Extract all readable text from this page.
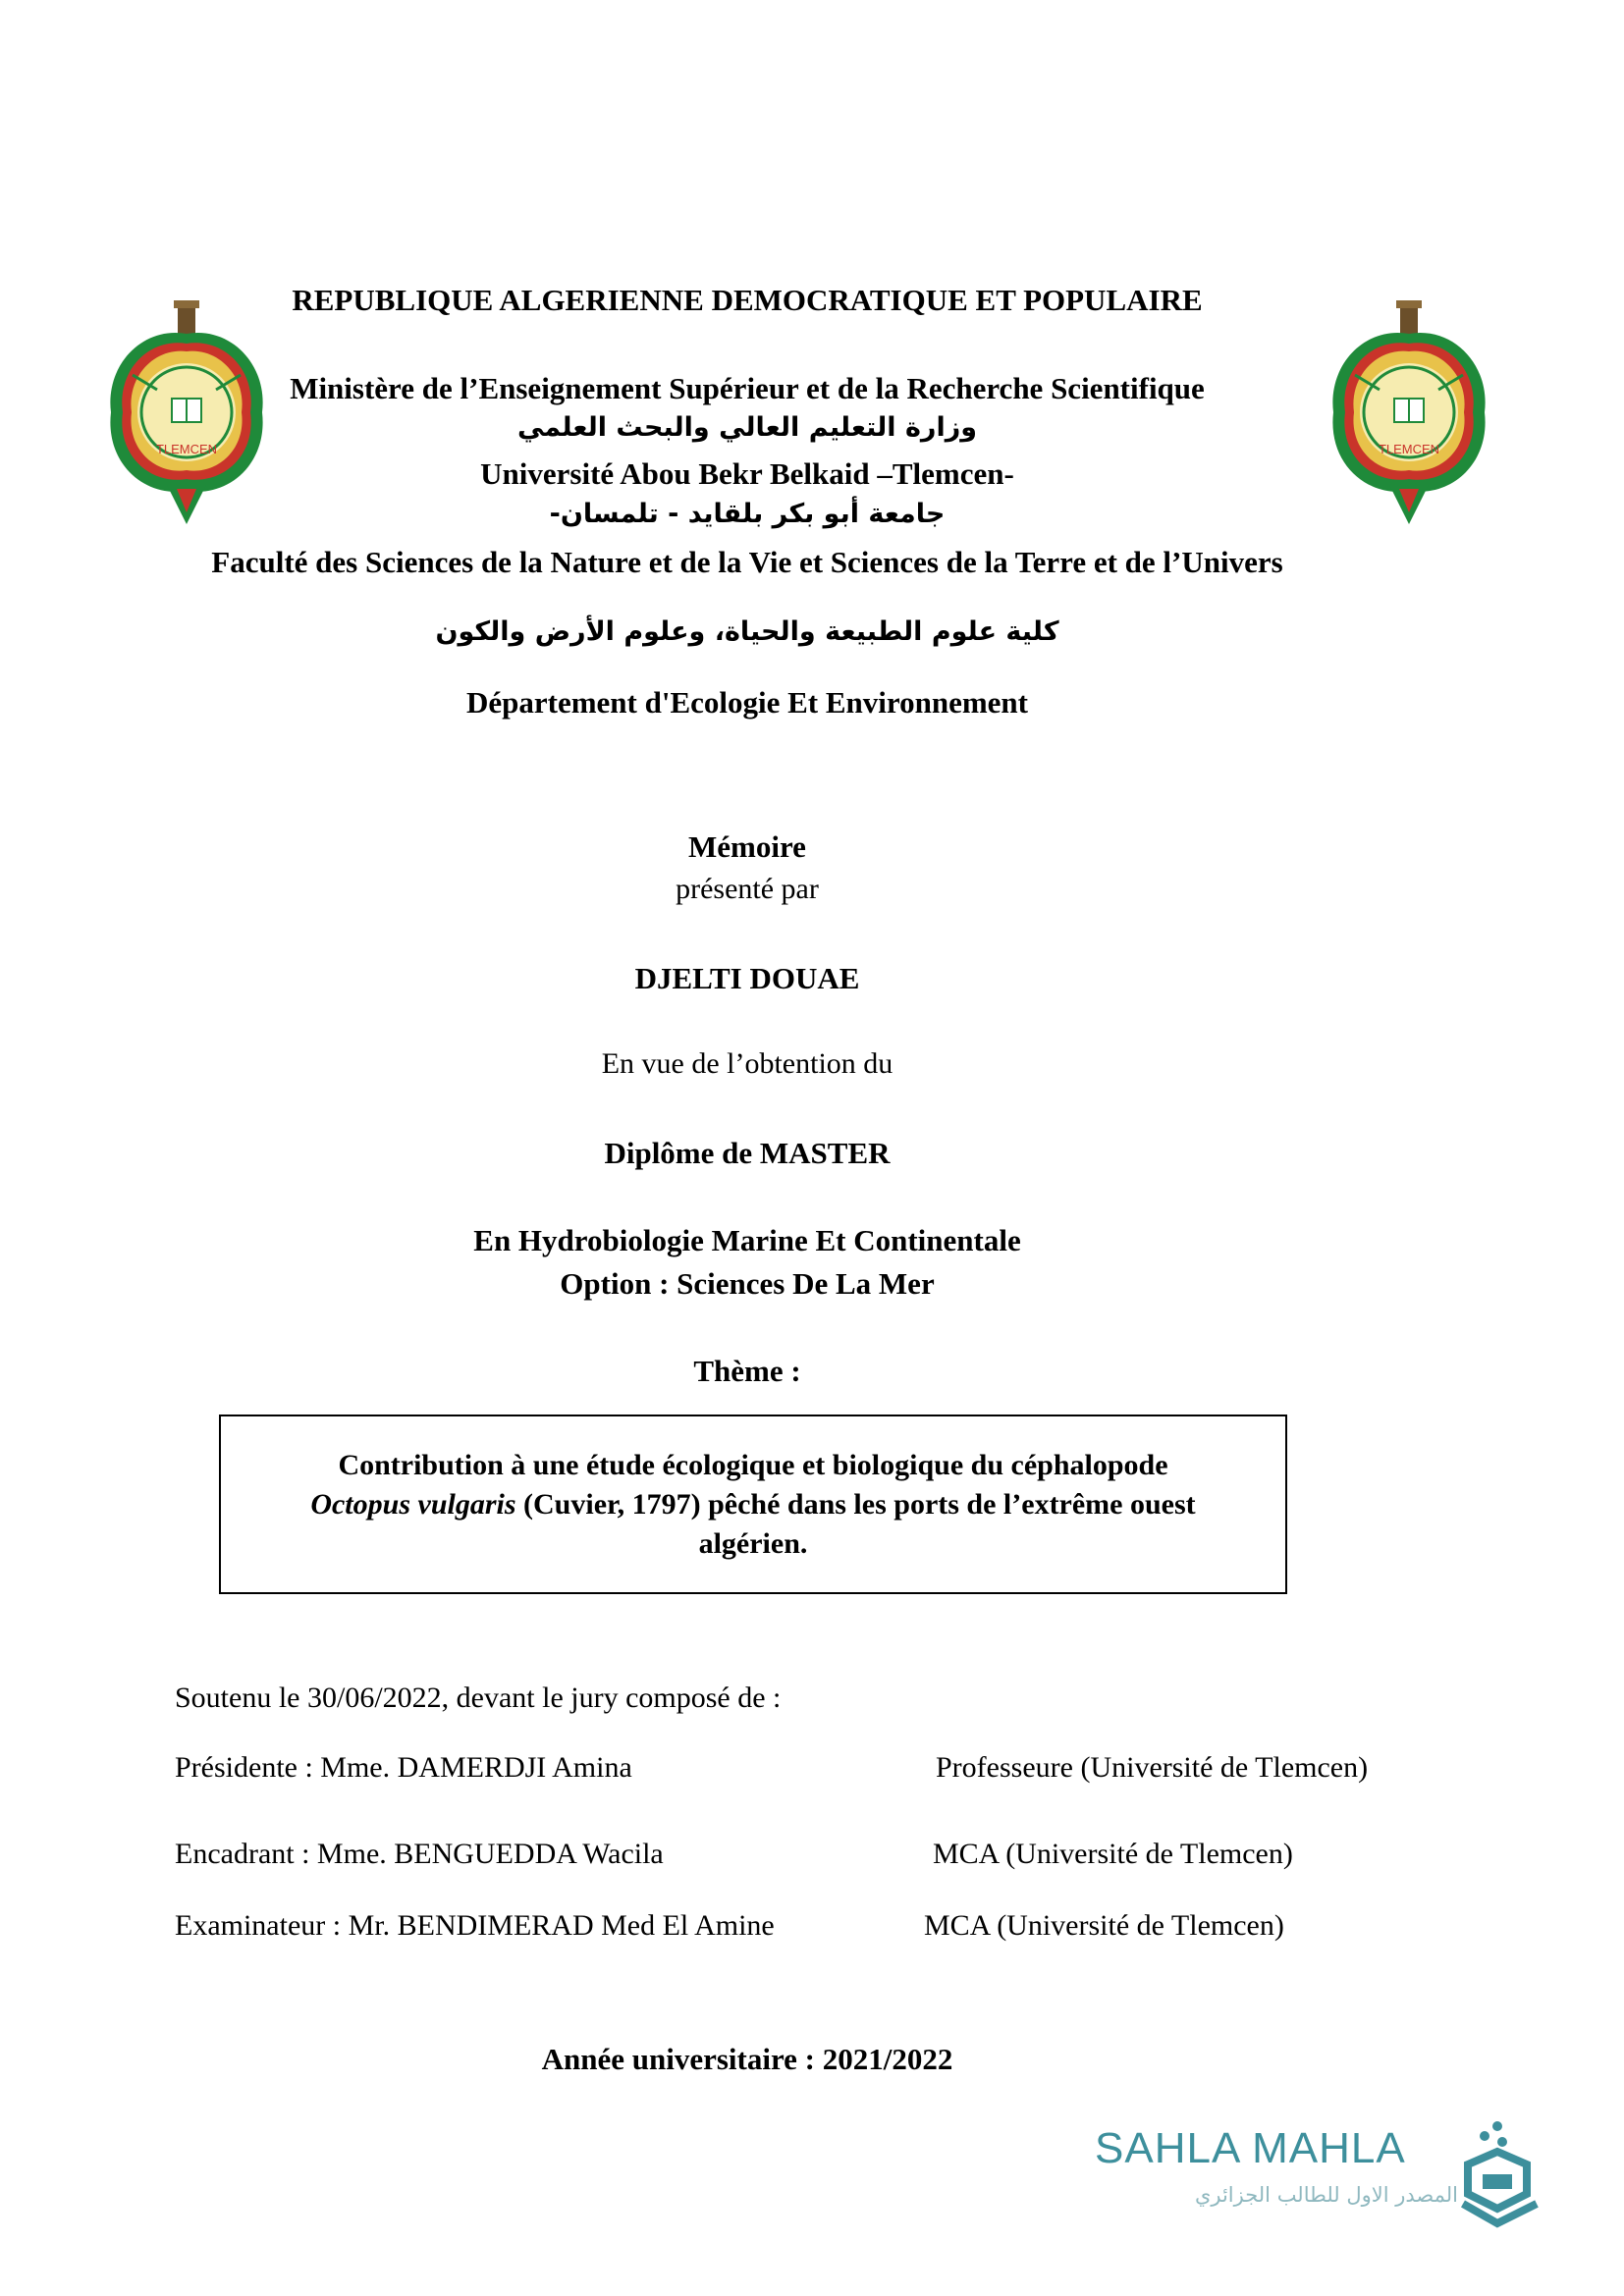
TLEMCEN	TLEMCEN
REPUBLIQUE ALGERIENNE DEMOCRATIQUE ET POPULAIRE
Ministère de l’Enseignement Supérieur et de la Recherche Scientifique
وزارة التعليم العالي والبحث العلمي
Université Abou Bekr Belkaid –Tlemcen-
جامعة أبو بكر بلقايد - تلمسان-
Faculté des Sciences de la Nature et de la Vie et Sciences de la Terre et de l’Univers
كلية علوم الطبيعة والحياة، وعلوم الأرض والكون
Département d'Ecologie Et Environnement
Mémoire
présenté par
DJELTI DOUAE
En vue de l’obtention du
Diplôme de MASTER
En Hydrobiologie Marine Et Continentale
Option : Sciences De La Mer
Thème :
Contribution à une étude écologique et biologique du céphalopode
Octopus vulgaris (Cuvier, 1797) pêché dans les ports de l’extrême ouest
algérien.
Soutenu le 30/06/2022, devant le jury composé de :
Présidente : Mme. DAMERDJI Amina	Professeure (Université de Tlemcen)
Encadrant : Mme. BENGUEDDA Wacila	MCA (Université de Tlemcen)
Examinateur : Mr. BENDIMERAD Med El Amine	MCA (Université de Tlemcen)
Année universitaire : 2021/2022
SAHLA MAHLA
المصدر الاول للطالب الجزائري
